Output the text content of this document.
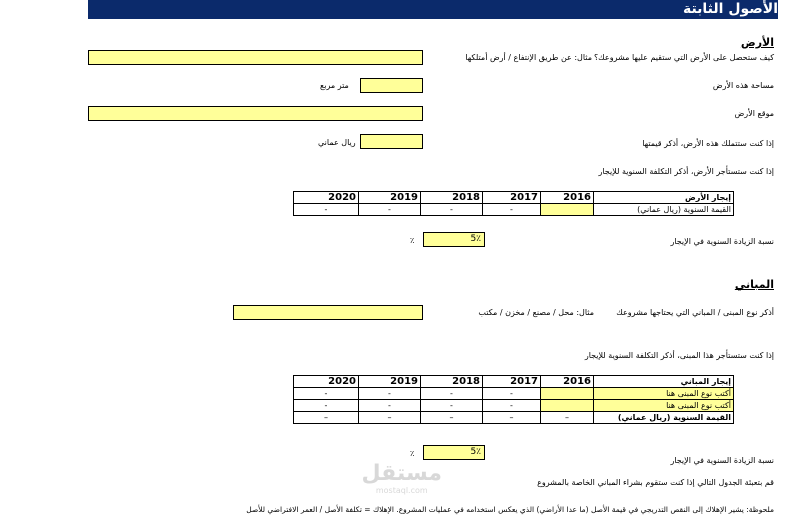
الأصول الثابتة
الأرض
كيف ستحصل على الأرض التي ستقيم عليها مشروعك؟
مثال: عن طريق الإنتفاع / أرض أمتلكها
مساحة هذه الأرض
متر مربع
موقع الأرض
إذا كنت ستتملك هذه الأرض، أذكر قيمتها
ريال عماني
إذا كنت ستستأجر الأرض، أذكر التكلفة السنوية للإيجار
2020	2019	2018	2017	2016	إيجار الأرض
-	-	-	-		القيمة السنوية (ريال عماني)
نسبة الزيادة السنوية في الإيجار
5٪
٪
المباني
أذكر نوع المبنى / المباني التي يحتاجها مشروعك
مثال: محل / مصنع / مخزن / مكتب
إذا كنت ستستأجر هذا المبنى، أذكر التكلفة السنوية للإيجار
2020	2019	2018	2017	2016	إيجار المباني
-	-	-	-		أكتب نوع المبنى هنا
-	-	-	-		أكتب نوع المبنى هنا
–	–	–	–	–	القيمة السنوية (ريال عماني)
نسبة الزيادة السنوية في الإيجار
5٪
٪
قم بتعبئة الجدول التالي إذا كنت ستقوم بشراء المباني الخاصة بالمشروع
مستقل
mostaql.com
ملحوظة: يشير الإهلاك إلى النقص التدريجي في قيمة الأصل (ما عدا الأراضي) الذي يعكس استخدامه في عمليات المشروع. الإهلاك = تكلفة الأصل / العمر الافتراضي للأصل
